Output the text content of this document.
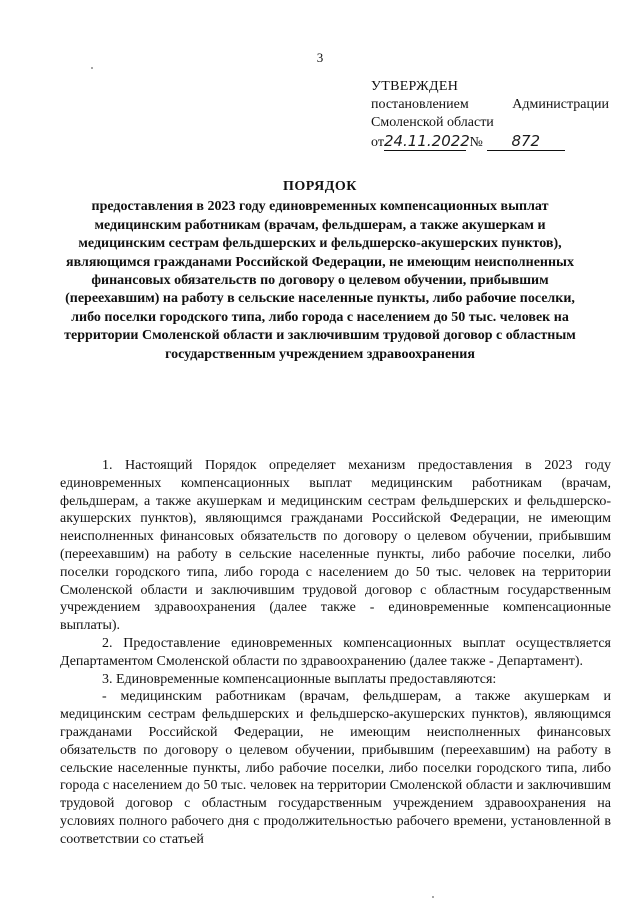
3
УТВЕРЖДЕН
постановлением Администрации
Смоленской области
от24.11.2022 № 872
ПОРЯДОК
предоставления в 2023 году единовременных компенсационных выплат медицинским работникам (врачам, фельдшерам, а также акушеркам и медицинским сестрам фельдшерских и фельдшерско-акушерских пунктов), являющимся гражданами Российской Федерации, не имеющим неисполненных финансовых обязательств по договору о целевом обучении, прибывшим (переехавшим) на работу в сельские населенные пункты, либо рабочие поселки, либо поселки городского типа, либо города с населением до 50 тыс. человек на территории Смоленской области и заключившим трудовой договор с областным государственным учреждением здравоохранения

1. Настоящий Порядок определяет механизм предоставления в 2023 году единовременных компенсационных выплат медицинским работникам (врачам, фельдшерам, а также акушеркам и медицинским сестрам фельдшерских и фельдшерско-акушерских пунктов), являющимся гражданами Российской Федерации, не имеющим неисполненных финансовых обязательств по договору о целевом обучении, прибывшим (переехавшим) на работу в сельские населенные пункты, либо рабочие поселки, либо поселки городского типа, либо города с населением до 50 тыс. человек на территории Смоленской области и заключившим трудовой договор с областным государственным учреждением здравоохранения (далее также - единовременные компенсационные выплаты).

2. Предоставление единовременных компенсационных выплат осуществляется Департаментом Смоленской области по здравоохранению (далее также - Департамент).

3. Единовременные компенсационные выплаты предоставляются:

- медицинским работникам (врачам, фельдшерам, а также акушеркам и медицинским сестрам фельдшерских и фельдшерско-акушерских пунктов), являющимся гражданами Российской Федерации, не имеющим неисполненных финансовых обязательств по договору о целевом обучении, прибывшим (переехавшим) на работу в сельские населенные пункты, либо рабочие поселки, либо поселки городского типа, либо города с населением до 50 тыс. человек на территории Смоленской области и заключившим трудовой договор с областным государственным учреждением здравоохранения на условиях полного рабочего дня с продолжительностью рабочего времени, установленной в соответствии со статьей
